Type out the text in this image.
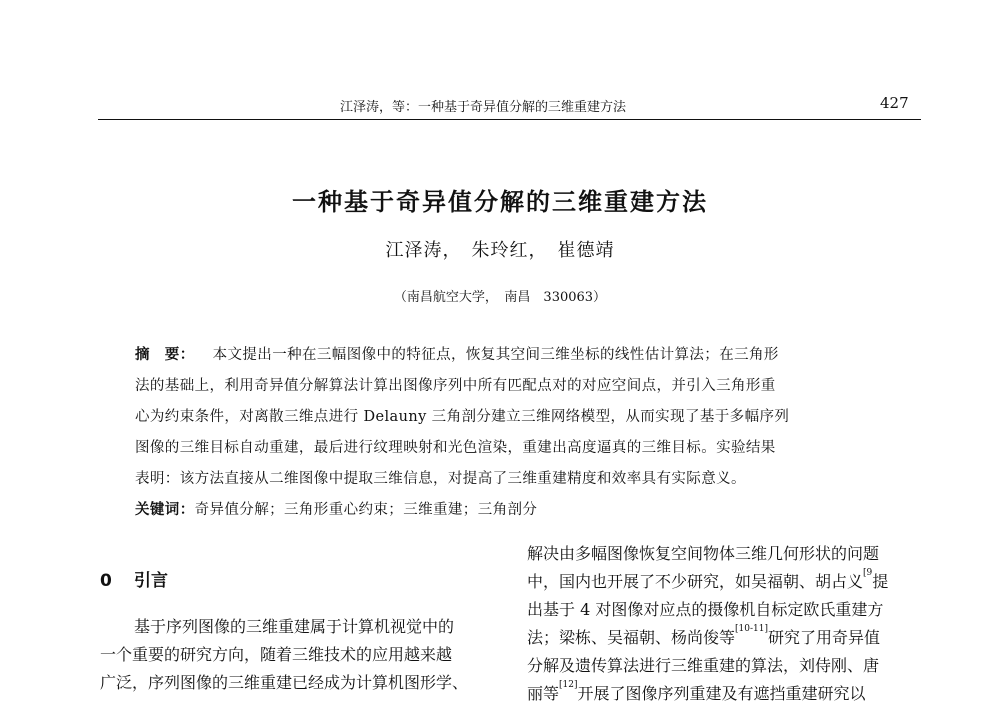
江泽涛，等：一种基于奇异值分解的三维重建方法	427
一种基于奇异值分解的三维重建方法
江泽涛，　朱玲红，　崔德靖
（南昌航空大学，　南昌　330063）
摘　要： 本文提出一种在三幅图像中的特征点，恢复其空间三维坐标的线性估计算法；在三角形
法的基础上，利用奇异值分解算法计算出图像序列中所有匹配点对的对应空间点，并引入三角形重
心为约束条件，对离散三维点进行 Delauny 三角剖分建立三维网络模型，从而实现了基于多幅序列
图像的三维目标自动重建，最后进行纹理映射和光色渲染，重建出高度逼真的三维目标。实验结果
表明：该方法直接从二维图像中提取三维信息，对提高了三维重建精度和效率具有实际意义。
关键词：奇异值分解；三角形重心约束；三维重建；三角剖分
0 引言
基于序列图像的三维重建属于计算机视觉中的
一个重要的研究方向，随着三维技术的应用越来越
广泛，序列图像的三维重建已经成为计算机图形学、
解决由多幅图像恢复空间物体三维几何形状的问题
中，国内也开展了不少研究，如吴福朝、胡占义$^{[9}$提
出基于 4 对图像对应点的摄像机自标定欧氏重建方
法；梁栋、吴福朝、杨尚俊等[10-11]研究了用奇异值
分解及遗传算法进行三维重建的算法，刘侍刚、唐
丽等[12]开展了图像序列重建及有遮挡重建研究以
